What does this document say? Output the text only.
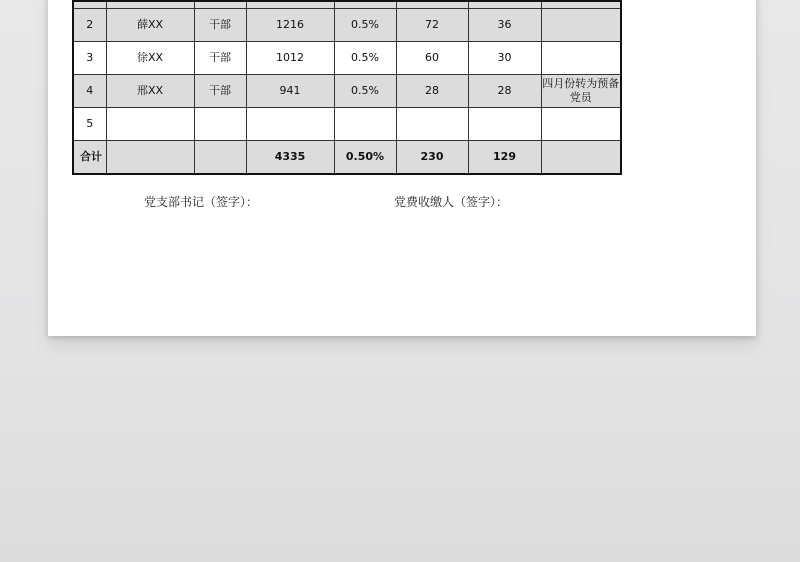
2	薛XX	干部	1216	0.5%	72	36	
3	徐XX	干部	1012	0.5%	60	30	
4	邢XX	干部	941	0.5%	28	28	四月份转为预备党员
5							
合计			4335	0.50%	230	129	
党支部书记（签字）：	党费收缴人（签字）：
